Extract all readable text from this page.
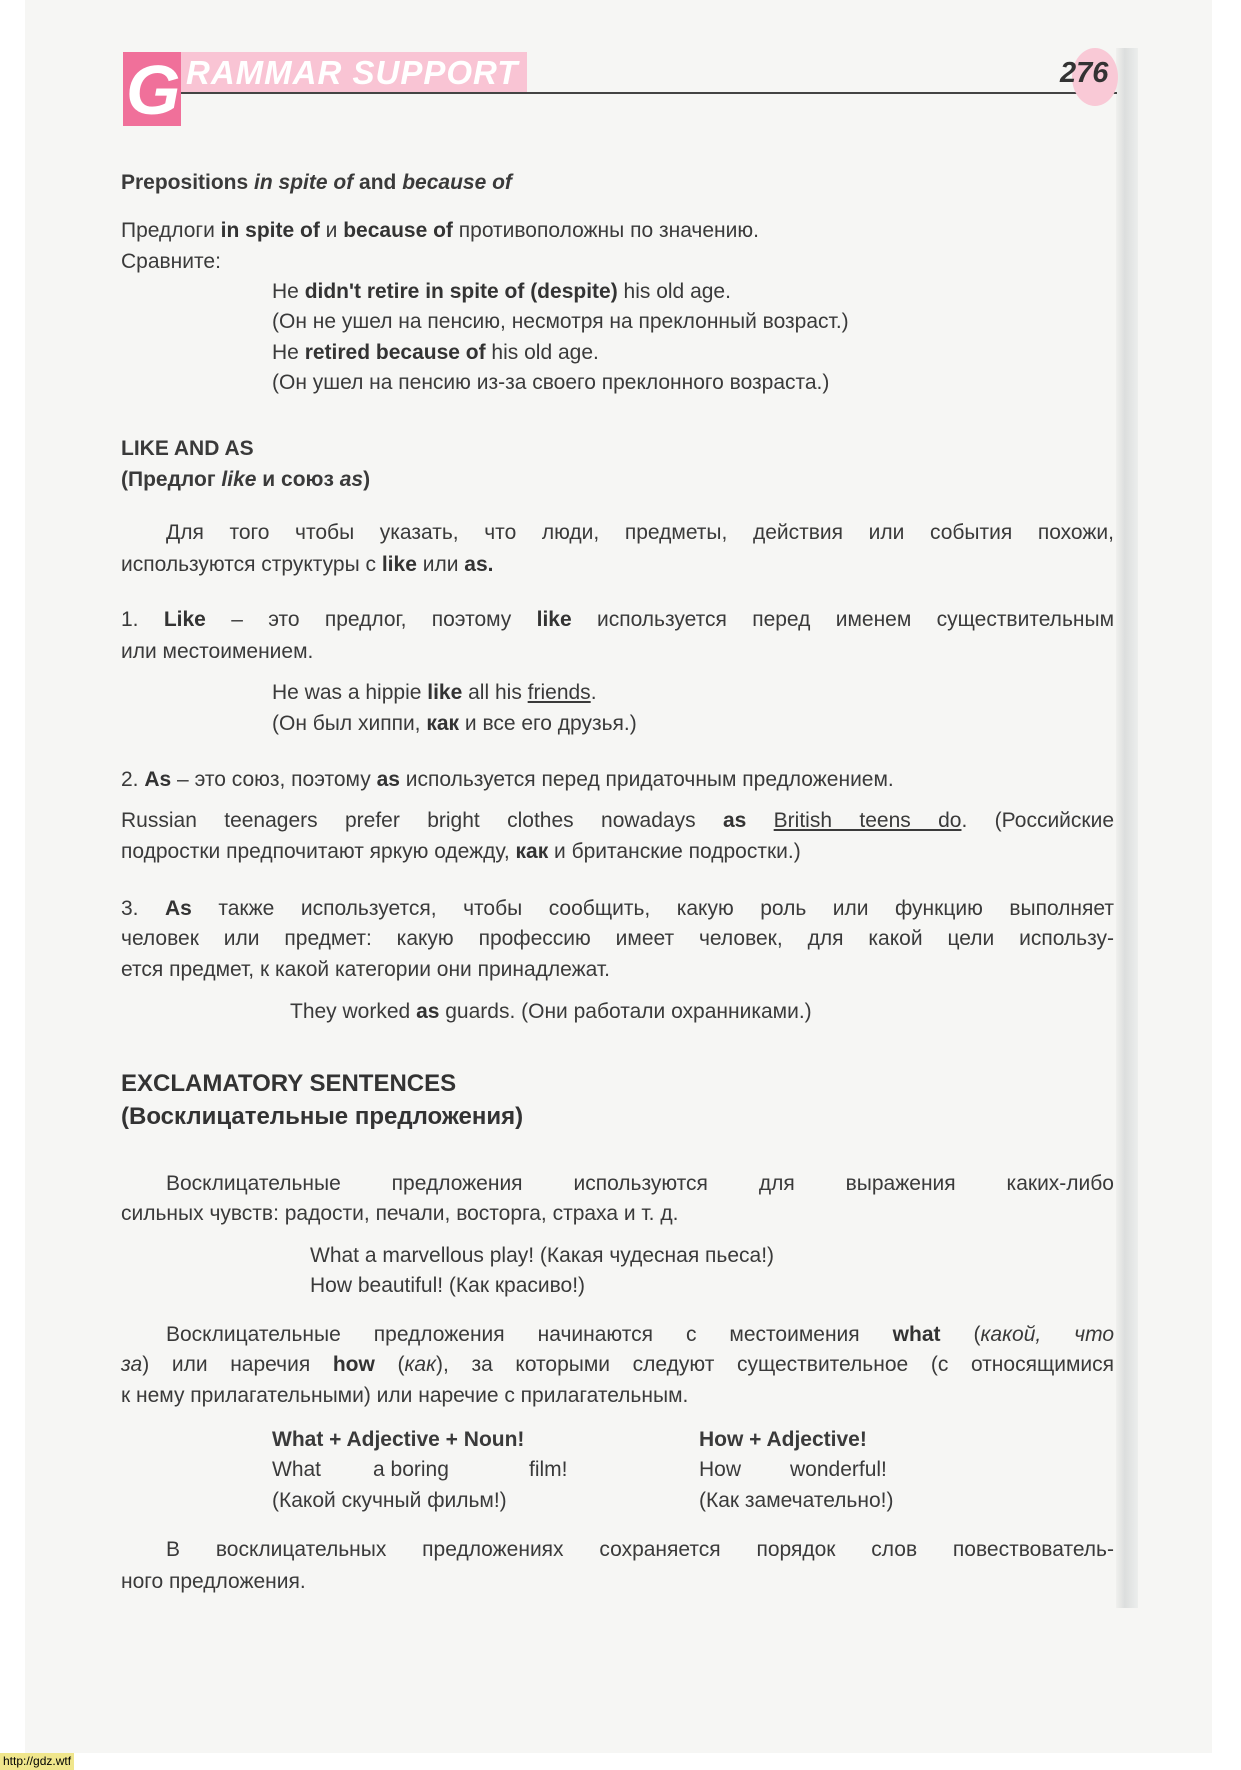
G RAMMAR SUPPORT	276
Prepositions in spite of and because of
Предлоги in spite of и because of противоположны по значению.
Сравните:
He didn't retire in spite of (despite) his old age.
(Он не ушел на пенсию, несмотря на преклонный возраст.)
He retired because of his old age.
(Он ушел на пенсию из-за своего преклонного возраста.)
LIKE AND AS
(Предлог like и союз as)
Для того чтобы указать, что люди, предметы, действия или события похожи,
используются структуры с like или as.
1. Like – это предлог, поэтому like используется перед именем существительным
или местоимением.
He was a hippie like all his friends.
(Он был хиппи, как и все его друзья.)
2. As – это союз, поэтому as используется перед придаточным предложением.
Russian teenagers prefer bright clothes nowadays as British teens do. (Российские
подростки предпочитают яркую одежду, как и британские подростки.)
3. As также используется, чтобы сообщить, какую роль или функцию выполняет
человек или предмет: какую профессию имеет человек, для какой цели использу-
ется предмет, к какой категории они принадлежат.
They worked as guards. (Они работали охранниками.)
EXCLAMATORY SENTENCES
(Восклицательные предложения)
Восклицательные предложения используются для выражения каких-либо
сильных чувств: радости, печали, восторга, страха и т. д.
What a marvellous play! (Какая чудесная пьеса!)
How beautiful! (Как красиво!)
Восклицательные предложения начинаются с местоимения what (какой, что
за) или наречия how (как), за которыми следуют существительное (с относящимися
к нему прилагательными) или наречие с прилагательным.
What + Adjective + Noun!
What a boring	film!
(Какой скучный фильм!)
How + Adjective!
How wonderful!
(Как замечательно!)
В восклицательных предложениях сохраняется порядок слов повествователь-
ного предложения.
http://gdz.wtf
